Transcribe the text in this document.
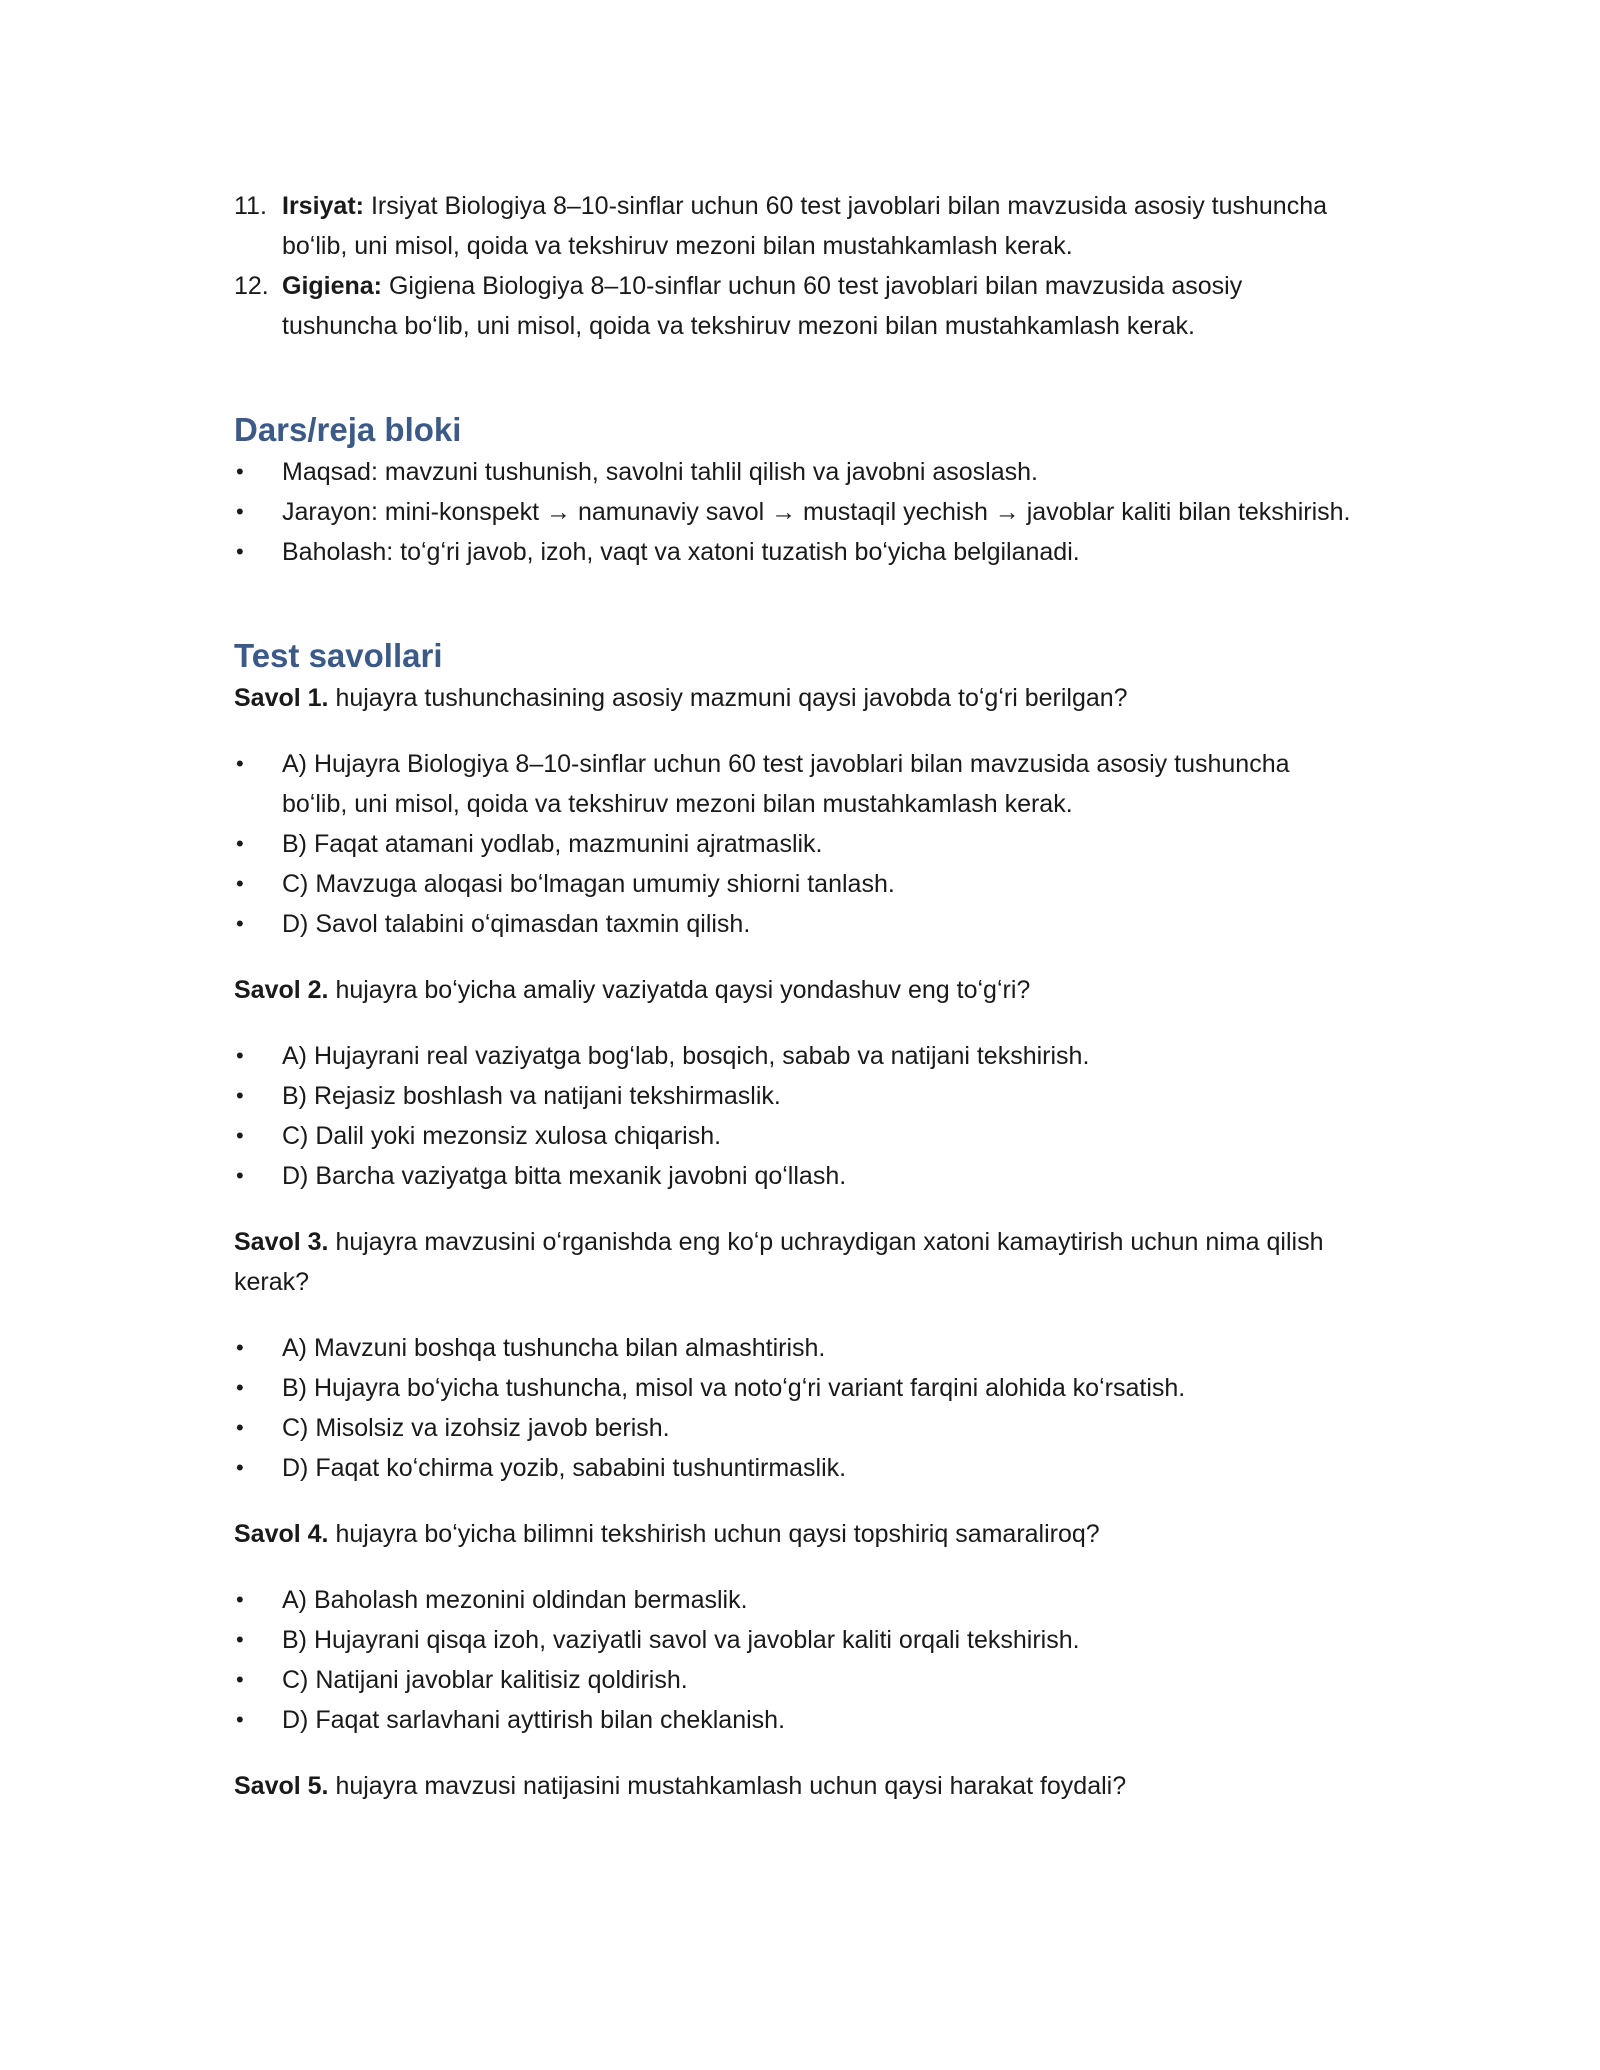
11. Irsiyat: Irsiyat Biologiya 8–10-sinflar uchun 60 test javoblari bilan mavzusida asosiy tushuncha boʻlib, uni misol, qoida va tekshiruv mezoni bilan mustahkamlash kerak.
12. Gigiena: Gigiena Biologiya 8–10-sinflar uchun 60 test javoblari bilan mavzusida asosiy tushuncha boʻlib, uni misol, qoida va tekshiruv mezoni bilan mustahkamlash kerak.
Dars/reja bloki
•	Maqsad: mavzuni tushunish, savolni tahlil qilish va javobni asoslash.
•	Jarayon: mini-konspekt → namunaviy savol → mustaqil yechish → javoblar kaliti bilan tekshirish.
•	Baholash: toʻgʻri javob, izoh, vaqt va xatoni tuzatish boʻyicha belgilanadi.
Test savollari

Savol 1. hujayra tushunchasining asosiy mazmuni qaysi javobda toʻgʻri berilgan?

•	A) Hujayra Biologiya 8–10-sinflar uchun 60 test javoblari bilan mavzusida asosiy tushuncha boʻlib, uni misol, qoida va tekshiruv mezoni bilan mustahkamlash kerak.
•	B) Faqat atamani yodlab, mazmunini ajratmaslik.
•	C) Mavzuga aloqasi boʻlmagan umumiy shiorni tanlash.
•	D) Savol talabini oʻqimasdan taxmin qilish.

Savol 2. hujayra boʻyicha amaliy vaziyatda qaysi yondashuv eng toʻgʻri?

•	A) Hujayrani real vaziyatga bogʻlab, bosqich, sabab va natijani tekshirish.
•	B) Rejasiz boshlash va natijani tekshirmaslik.
•	C) Dalil yoki mezonsiz xulosa chiqarish.
•	D) Barcha vaziyatga bitta mexanik javobni qoʻllash.

Savol 3. hujayra mavzusini oʻrganishda eng koʻp uchraydigan xatoni kamaytirish uchun nima qilish kerak?

•	A) Mavzuni boshqa tushuncha bilan almashtirish.
•	B) Hujayra boʻyicha tushuncha, misol va notoʻgʻri variant farqini alohida koʻrsatish.
•	C) Misolsiz va izohsiz javob berish.
•	D) Faqat koʻchirma yozib, sababini tushuntirmaslik.

Savol 4. hujayra boʻyicha bilimni tekshirish uchun qaysi topshiriq samaraliroq?

•	A) Baholash mezonini oldindan bermaslik.
•	B) Hujayrani qisqa izoh, vaziyatli savol va javoblar kaliti orqali tekshirish.
•	C) Natijani javoblar kalitisiz qoldirish.
•	D) Faqat sarlavhani ayttirish bilan cheklanish.

Savol 5. hujayra mavzusi natijasini mustahkamlash uchun qaysi harakat foydali?
